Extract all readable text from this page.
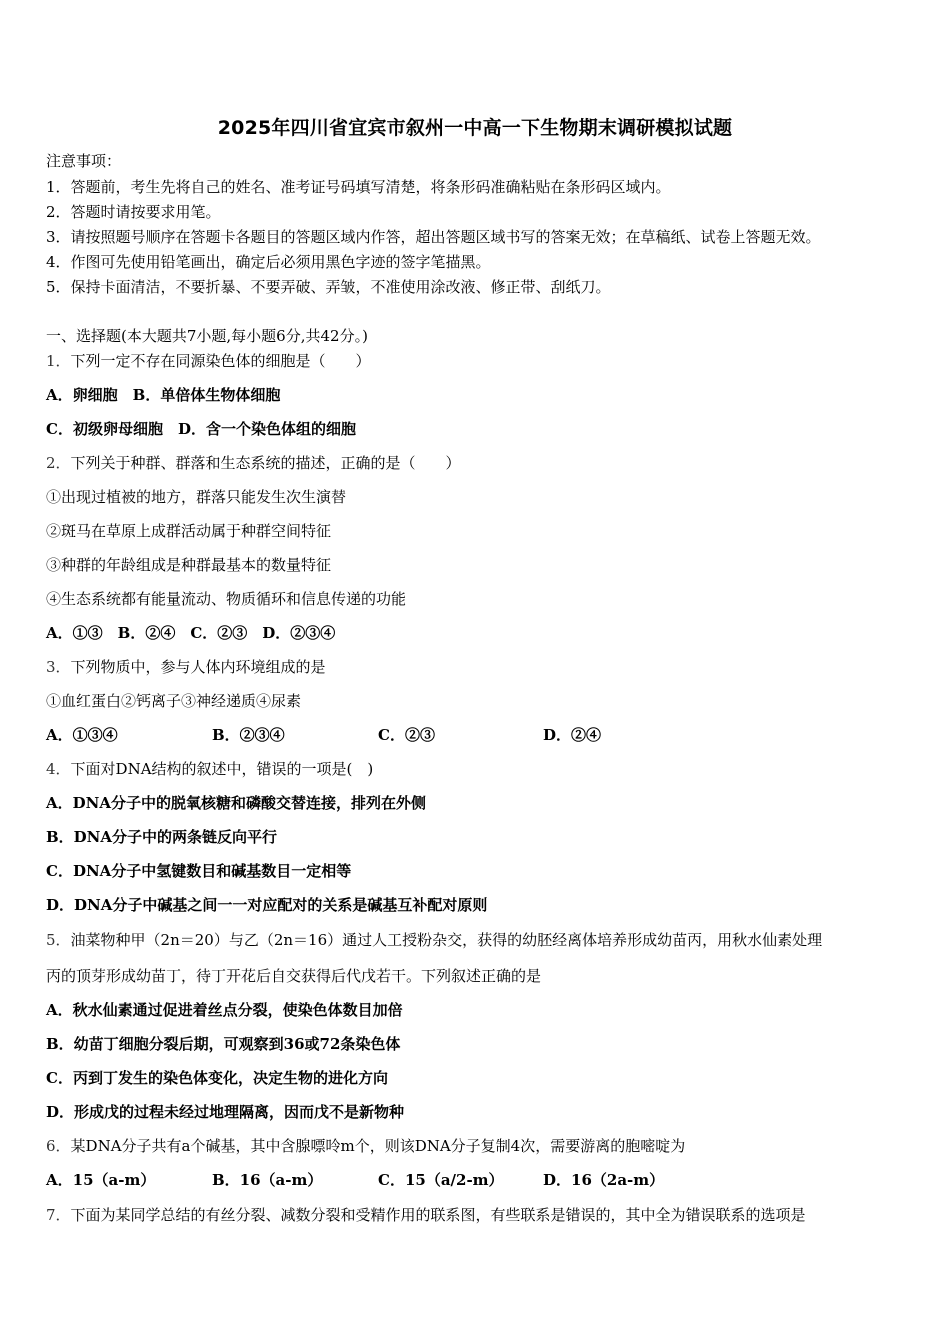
2025年四川省宜宾市叙州一中高一下生物期末调研模拟试题
注意事项：
1．答题前，考生先将自己的姓名、准考证号码填写清楚，将条形码准确粘贴在条形码区域内。
2．答题时请按要求用笔。
3．请按照题号顺序在答题卡各题目的答题区域内作答，超出答题区域书写的答案无效；在草稿纸、试卷上答题无效。
4．作图可先使用铅笔画出，确定后必须用黑色字迹的签字笔描黑。
5．保持卡面清洁，不要折暴、不要弄破、弄皱，不准使用涂改液、修正带、刮纸刀。
一、选择题(本大题共7小题,每小题6分,共42分。)
1．下列一定不存在同源染色体的细胞是（　　）
A．卵细胞　B．单倍体生物体细胞
C．初级卵母细胞　D．含一个染色体组的细胞
2．下列关于种群、群落和生态系统的描述，正确的是（　　）
①出现过植被的地方，群落只能发生次生演替
②斑马在草原上成群活动属于种群空间特征
③种群的年龄组成是种群最基本的数量特征
④生态系统都有能量流动、物质循环和信息传递的功能
A．①③　B．②④　C．②③　D．②③④
3．下列物质中，参与人体内环境组成的是
①血红蛋白②钙离子③神经递质④尿素
A．①③④	B．②③④	C．②③	D．②④
4．下面对DNA结构的叙述中，错误的一项是(　)
A．DNA分子中的脱氧核糖和磷酸交替连接，排列在外侧
B．DNA分子中的两条链反向平行
C．DNA分子中氢键数目和碱基数目一定相等
D．DNA分子中碱基之间一一对应配对的关系是碱基互补配对原则
5．油菜物种甲（2n＝20）与乙（2n＝16）通过人工授粉杂交，获得的幼胚经离体培养形成幼苗丙，用秋水仙素处理
丙的顶芽形成幼苗丁，待丁开花后自交获得后代戊若干。下列叙述正确的是
A．秋水仙素通过促进着丝点分裂，使染色体数目加倍
B．幼苗丁细胞分裂后期，可观察到36或72条染色体
C．丙到丁发生的染色体变化，决定生物的进化方向
D．形成戊的过程未经过地理隔离，因而戊不是新物种
6．某DNA分子共有a个碱基，其中含腺嘌呤m个，则该DNA分子复制4次，需要游离的胞嘧啶为
A．15（a-m）	B．16（a-m）	C．15（a/2-m）	D．16（2a-m）
7．下面为某同学总结的有丝分裂、减数分裂和受精作用的联系图，有些联系是错误的，其中全为错误联系的选项是
